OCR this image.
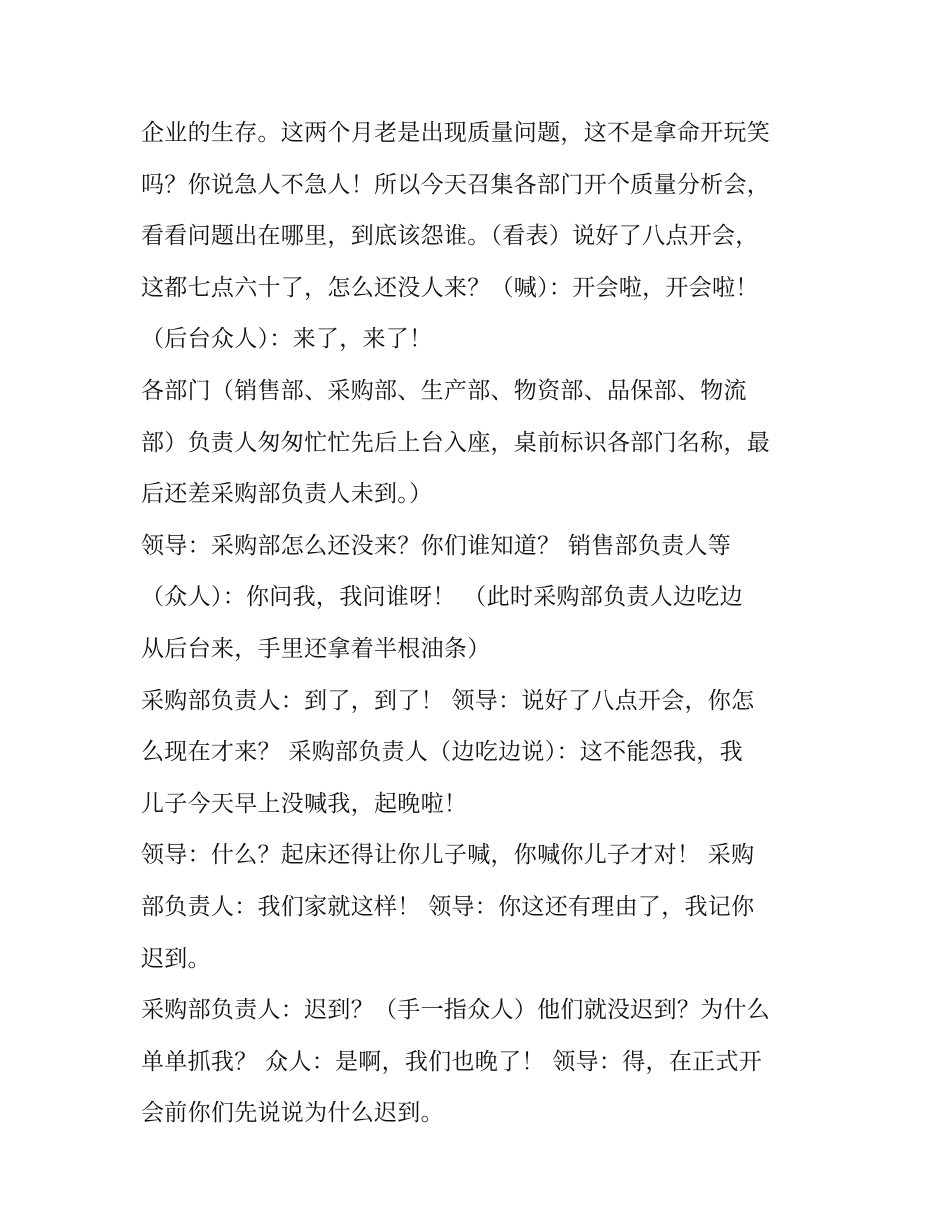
企业的生存。这两个月老是出现质量问题，这不是拿命开玩笑
吗？你说急人不急人！所以今天召集各部门开个质量分析会，
看看问题出在哪里，到底该怨谁。（看表）说好了八点开会，
这都七点六十了，怎么还没人来？（喊）：开会啦，开会啦！
（后台众人）：来了，来了！
各部门（销售部、采购部、生产部、物资部、品保部、物流
部）负责人匆匆忙忙先后上台入座，桌前标识各部门名称，最
后还差采购部负责人未到。）
领导：采购部怎么还没来？你们谁知道？ 销售部负责人等
（众人）：你问我，我问谁呀！ （此时采购部负责人边吃边
从后台来，手里还拿着半根油条）
采购部负责人：到了，到了！ 领导：说好了八点开会，你怎
么现在才来？ 采购部负责人（边吃边说）：这不能怨我，我
儿子今天早上没喊我，起晚啦！
领导：什么？起床还得让你儿子喊，你喊你儿子才对！ 采购
部负责人：我们家就这样！ 领导：你这还有理由了，我记你
迟到。
采购部负责人：迟到？（手一指众人）他们就没迟到？为什么
单单抓我？ 众人：是啊，我们也晚了！ 领导：得，在正式开
会前你们先说说为什么迟到。
